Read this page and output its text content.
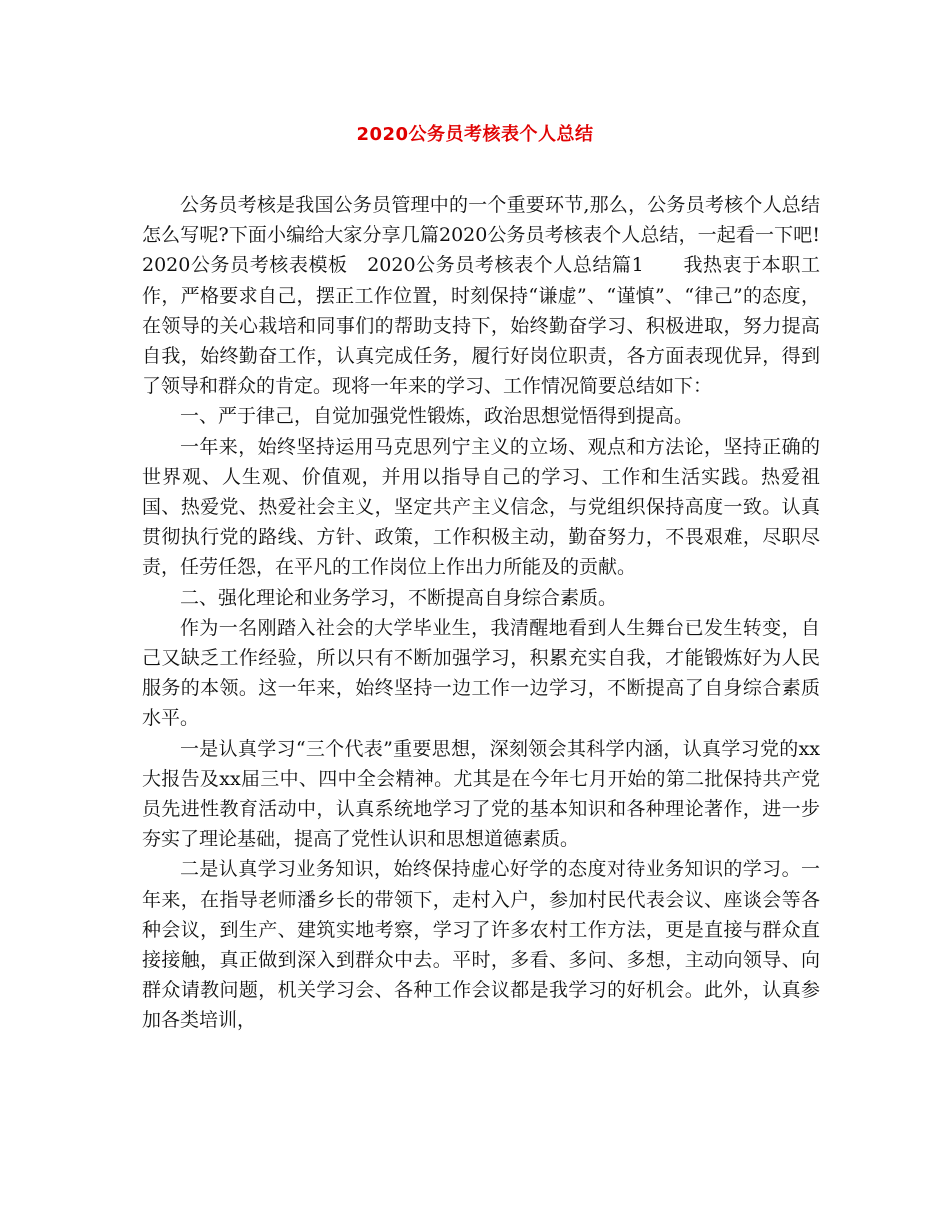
2020公务员考核表个人总结

公务员考核是我国公务员管理中的一个重要环节,那么，公务员考核个人总结怎么写呢?下面小编给大家分享几篇2020公务员考核表个人总结，一起看一下吧! 2020公务员考核表模板　2020公务员考核表个人总结篇1　　我热衷于本职工作，严格要求自己，摆正工作位置，时刻保持“谦虚”、“谨慎”、“律己”的态度，在领导的关心栽培和同事们的帮助支持下，始终勤奋学习、积极进取，努力提高自我，始终勤奋工作，认真完成任务，履行好岗位职责，各方面表现优异，得到了领导和群众的肯定。现将一年来的学习、工作情况简要总结如下：

一、严于律己，自觉加强党性锻炼，政治思想觉悟得到提高。

一年来，始终坚持运用马克思列宁主义的立场、观点和方法论，坚持正确的世界观、人生观、价值观，并用以指导自己的学习、工作和生活实践。热爱祖国、热爱党、热爱社会主义，坚定共产主义信念，与党组织保持高度一致。认真贯彻执行党的路线、方针、政策，工作积极主动，勤奋努力，不畏艰难，尽职尽责，任劳任怨，在平凡的工作岗位上作出力所能及的贡献。

二、强化理论和业务学习，不断提高自身综合素质。

作为一名刚踏入社会的大学毕业生，我清醒地看到人生舞台已发生转变，自己又缺乏工作经验，所以只有不断加强学习，积累充实自我，才能锻炼好为人民服务的本领。这一年来，始终坚持一边工作一边学习，不断提高了自身综合素质水平。

一是认真学习“三个代表”重要思想，深刻领会其科学内涵，认真学习党的xx大报告及xx届三中、四中全会精神。尤其是在今年七月开始的第二批保持共产党员先进性教育活动中，认真系统地学习了党的基本知识和各种理论著作，进一步夯实了理论基础，提高了党性认识和思想道德素质。

二是认真学习业务知识，始终保持虚心好学的态度对待业务知识的学习。一年来，在指导老师潘乡长的带领下，走村入户，参加村民代表会议、座谈会等各种会议，到生产、建筑实地考察，学习了许多农村工作方法，更是直接与群众直接接触，真正做到深入到群众中去。平时，多看、多问、多想，主动向领导、向群众请教问题，机关学习会、各种工作会议都是我学习的好机会。此外，认真参加各类培训，
